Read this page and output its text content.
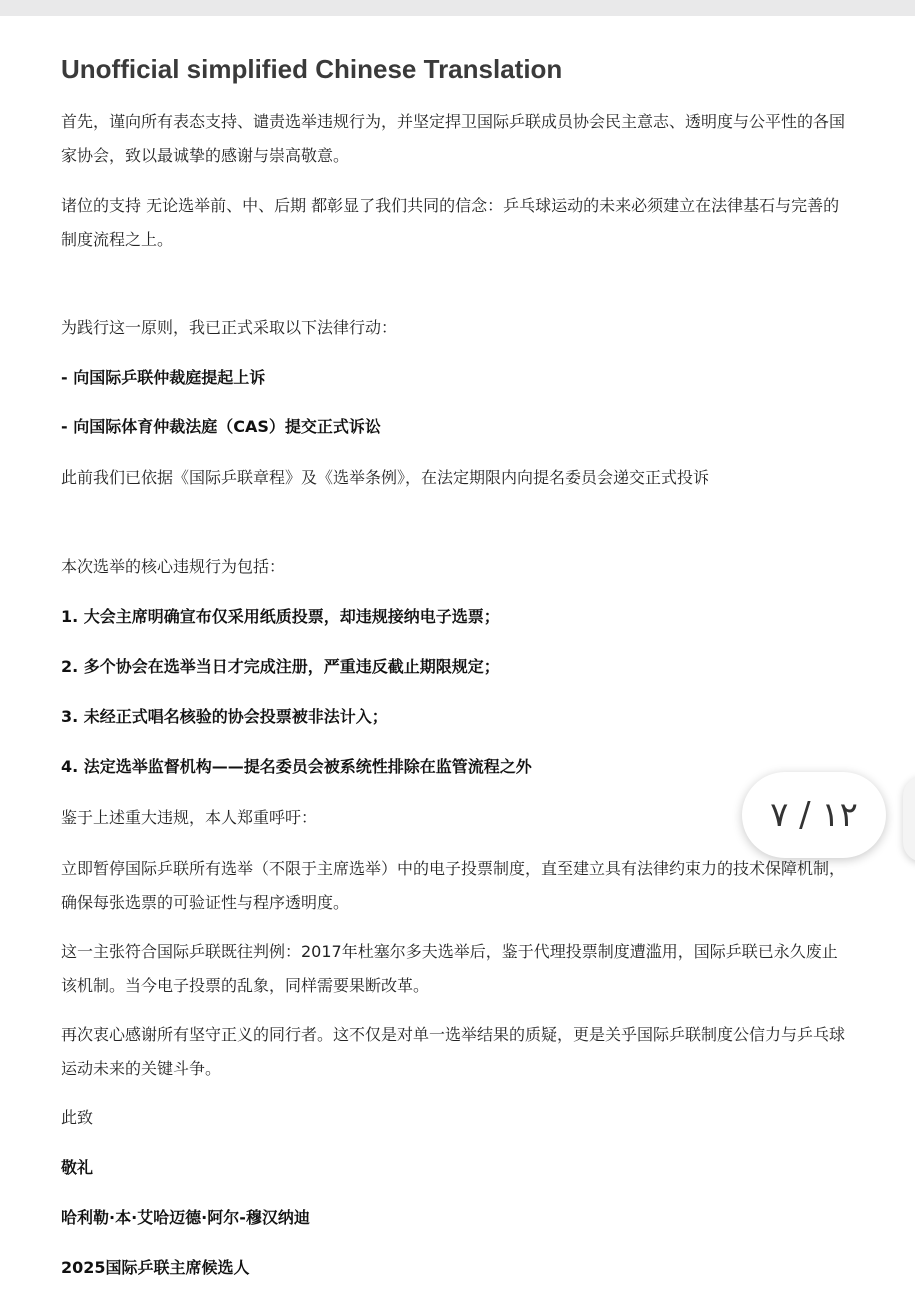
Unofficial simplified Chinese Translation

首先，谨向所有表态支持、谴责选举违规行为，并坚定捍卫国际乒联成员协会民主意志、透明度与公平性的各国家协会，致以最诚挚的感谢与崇高敬意。

诸位的支持 无论选举前、中、后期 都彰显了我们共同的信念：乒乓球运动的未来必须建立在法律基石与完善的制度流程之上。

为践行这一原则，我已正式采取以下法律行动：

- 向国际乒联仲裁庭提起上诉

- 向国际体育仲裁法庭（CAS）提交正式诉讼

此前我们已依据《国际乒联章程》及《选举条例》，在法定期限内向提名委员会递交正式投诉

本次选举的核心违规行为包括：

1. 大会主席明确宣布仅采用纸质投票，却违规接纳电子选票；

2. 多个协会在选举当日才完成注册，严重违反截止期限规定；

3. 未经正式唱名核验的协会投票被非法计入；

4. 法定选举监督机构——提名委员会被系统性排除在监管流程之外

鉴于上述重大违规，本人郑重呼吁：

立即暂停国际乒联所有选举（不限于主席选举）中的电子投票制度，直至建立具有法律约束力的技术保障机制，确保每张选票的可验证性与程序透明度。

这一主张符合国际乒联既往判例：2017年杜塞尔多夫选举后，鉴于代理投票制度遭滥用，国际乒联已永久废止该机制。当今电子投票的乱象，同样需要果断改革。

再次衷心感谢所有坚守正义的同行者。这不仅是对单一选举结果的质疑，更是关乎国际乒联制度公信力与乒乓球运动未来的关键斗争。

此致

敬礼

哈利勒·本·艾哈迈德·阿尔-穆汉纳迪

2025国际乒联主席候选人

١٢ / ٧
